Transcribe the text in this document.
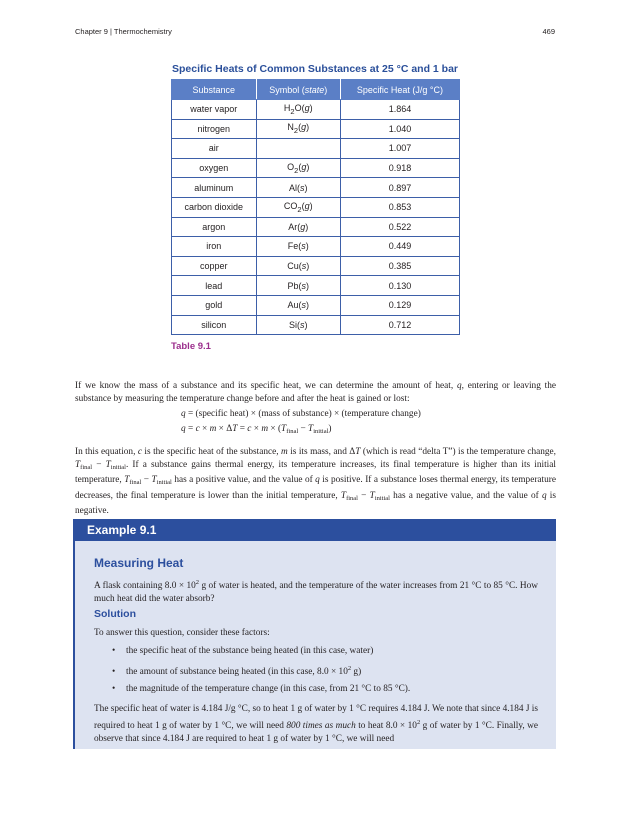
Chapter 9 | Thermochemistry	469
Specific Heats of Common Substances at 25 °C and 1 bar
Substance	Symbol (state)	Specific Heat (J/g °C)
water vapor	$H_2O(g)$	1.864
nitrogen	$N_2(g)$	1.040
air		1.007
oxygen	$O_2(g)$	0.918
aluminum	Al(s)	0.897
carbon dioxide	$CO_2(g)$	0.853
argon	Ar(g)	0.522
iron	Fe(s)	0.449
copper	Cu(s)	0.385
lead	Pb(s)	0.130
gold	Au(s)	0.129
silicon	Si(s)	0.712
Table 9.1
If we know the mass of a substance and its specific heat, we can determine the amount of heat, q, entering or leaving the substance by measuring the temperature change before and after the heat is gained or lost:
q = (specific heat) × (mass of substance) × (temperature change)
$q = c \times m \times \Delta T = c \times m \times (T_{final} - T_{initial})$
In this equation, c is the specific heat of the substance, m is its mass, and ΔT (which is read “delta T”) is the temperature change, $T_{final} - T_{initial}$. If a substance gains thermal energy, its temperature increases, its final temperature is higher than its initial temperature, $T_{final} - T_{initial}$ has a positive value, and the value of q is positive. If a substance loses thermal energy, its temperature decreases, the final temperature is lower than the initial temperature, $T_{final} - T_{initial}$ has a negative value, and the value of q is negative.
Example 9.1
Measuring Heat
A flask containing $8.0 \times 10^2$ g of water is heated, and the temperature of the water increases from 21 °C to 85 °C. How much heat did the water absorb?
Solution
To answer this question, consider these factors:
• the specific heat of the substance being heated (in this case, water)
• the amount of substance being heated (in this case, $8.0 \times 10^2$ g)
• the magnitude of the temperature change (in this case, from 21 °C to 85 °C).
The specific heat of water is 4.184 J/g °C, so to heat 1 g of water by 1 °C requires 4.184 J. We note that since 4.184 J is required to heat 1 g of water by 1 °C, we will need 800 times as much to heat $8.0 \times 10^2$ g of water by 1 °C. Finally, we observe that since 4.184 J are required to heat 1 g of water by 1 °C, we will need
